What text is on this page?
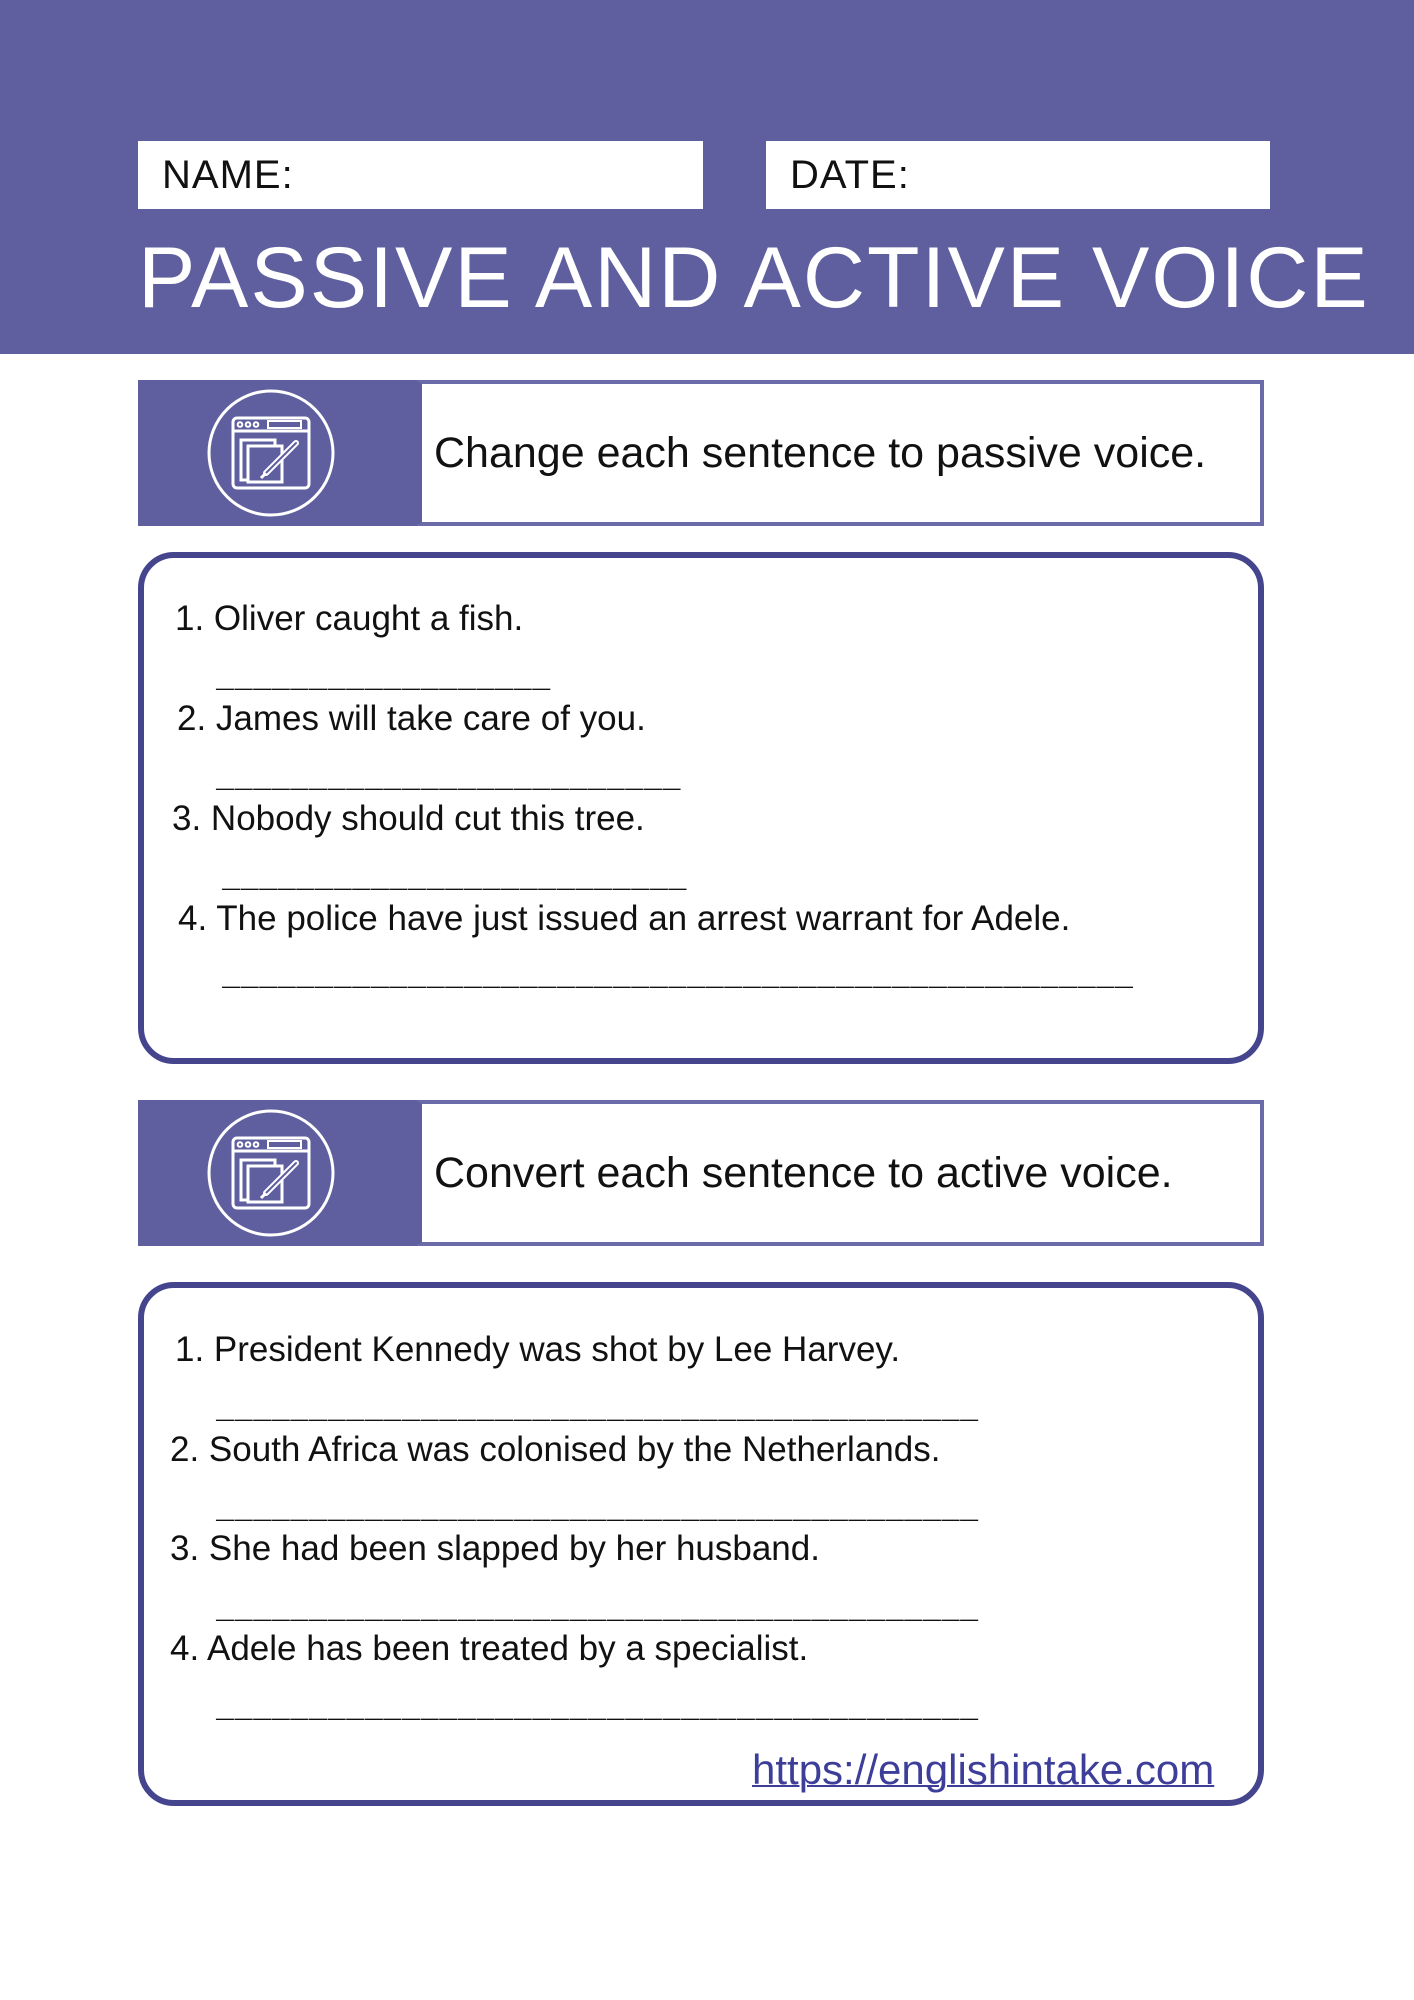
NAME:	DATE:
PASSIVE AND ACTIVE VOICE
Change each sentence to passive voice.
1. Oliver caught a fish.
__________________
2. James will take care of you.
_________________________
3. Nobody should cut this tree.
_________________________
4. The police have just issued an arrest warrant for Adele.
_________________________________________________
Convert each sentence to active voice.
1. President Kennedy was shot by Lee Harvey.
_________________________________________
2. South Africa was colonised by the Netherlands.
_________________________________________
3. She had been slapped by her husband.
_________________________________________
4. Adele has been treated by a specialist.
_________________________________________
https://englishintake.com
